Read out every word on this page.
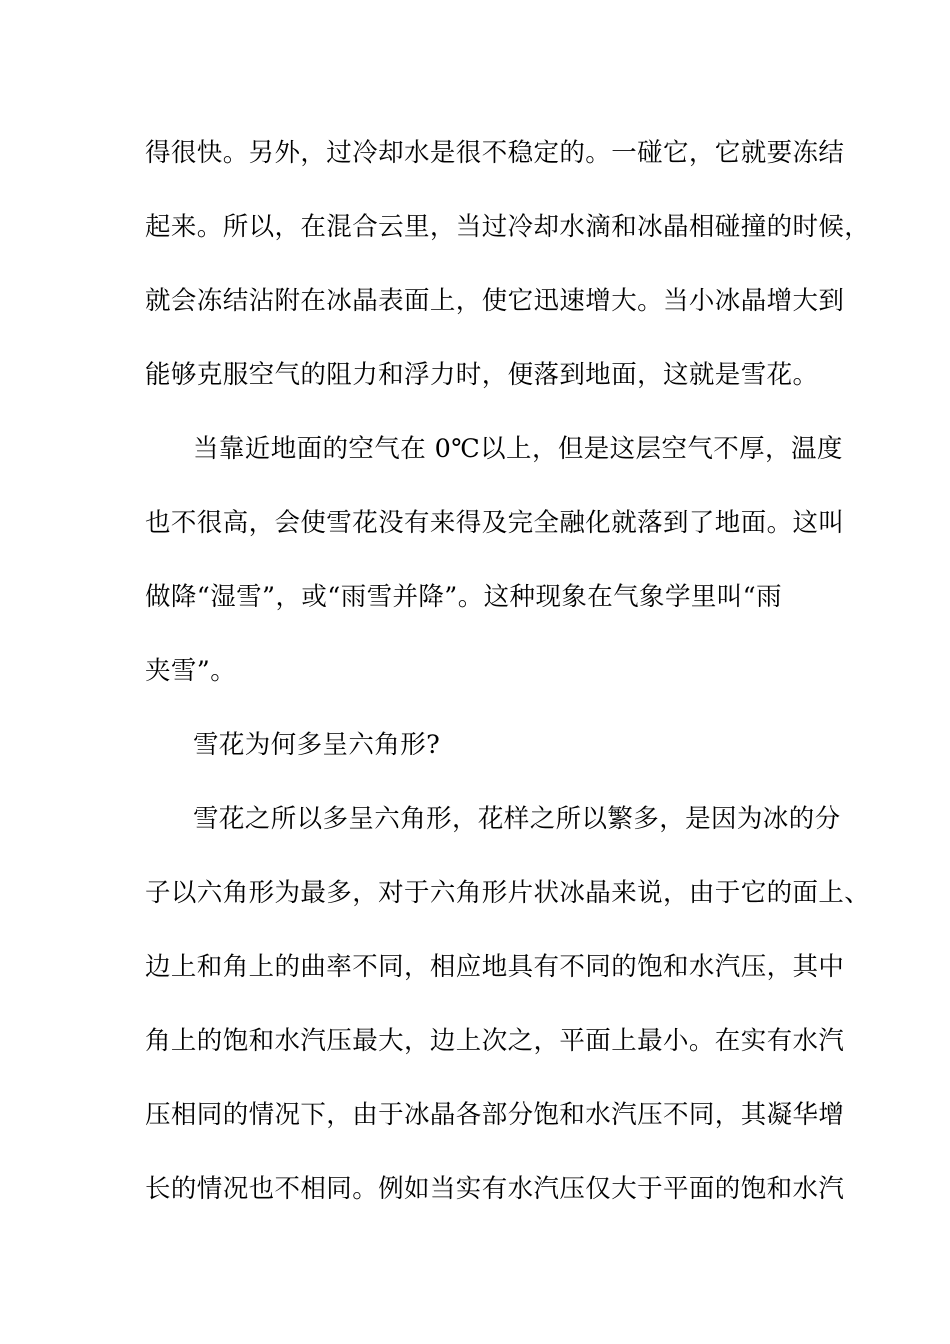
得很快。另外，过冷却水是很不稳定的。一碰它，它就要冻结
起来。所以，在混合云里，当过冷却水滴和冰晶相碰撞的时候，
就会冻结沾附在冰晶表面上，使它迅速增大。当小冰晶增大到
能够克服空气的阻力和浮力时，便落到地面，这就是雪花。
当靠近地面的空气在 0℃以上，但是这层空气不厚，温度
也不很高，会使雪花没有来得及完全融化就落到了地面。这叫
做降“湿雪”，或“雨雪并降”。这种现象在气象学里叫“雨
夹雪”。
雪花为何多呈六角形?
雪花之所以多呈六角形，花样之所以繁多，是因为冰的分
子以六角形为最多，对于六角形片状冰晶来说，由于它的面上、
边上和角上的曲率不同，相应地具有不同的饱和水汽压，其中
角上的饱和水汽压最大，边上次之，平面上最小。在实有水汽
压相同的情况下，由于冰晶各部分饱和水汽压不同，其凝华增
长的情况也不相同。例如当实有水汽压仅大于平面的饱和水汽
